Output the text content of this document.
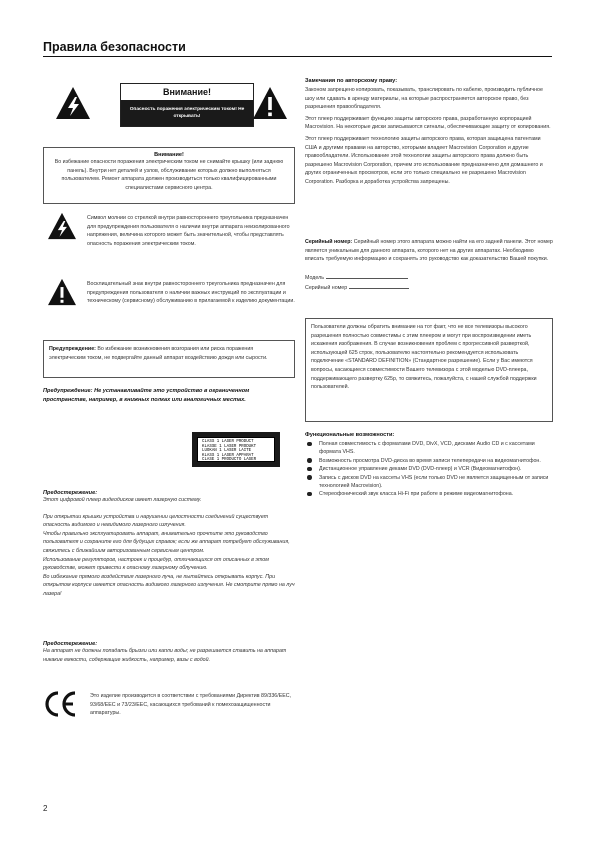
Правила безопасности
Внимание!
Опасность поражения электрическим током! Не открывать!

Внимание!

Во избежание опасности поражения электрическим током не снимайте крышку (или заднюю панель). Внутри нет деталей и узлов, обслуживание которых должно выполняться пользователем. Ремонт аппарата должен производиться только квалифицированными специалистами сервисного центра.

Символ молнии со стрелкой внутри равностороннего треугольника предназначен для предупреждения пользователя о наличии внутри аппарата неизолированного напряжения, величина которого может быть значительной, чтобы представлять опасность поражения электрическим током.

Восклицательный знак внутри равностороннего треугольника предназначен для предупреждения пользователя о наличии важных инструкций по эксплуатации и техническому (сервисному) обслуживанию в прилагаемой к изделию документации.

Предупреждение: Во избежание возникновения возгорания или риска поражения электрическим током, не подвергайте данный аппарат воздействию дождя или сырости.

Предупреждение: Не устанавливайте это устройство в ограниченном пространстве, например, в книжных полках или аналогичных местах.

CLASS 1 LASER PRODUCT
KLASSE 1 LASER PRODUKT
LUOKAN 1 LASER LAITE
KLASS 1 LASER APPARAT
CLASE 1 PRODUCTO LASER

Предостережение:

Этот цифровой плеер видеодисков имеет лазерную систему.

При открытии крышки устройства и нарушении целостности соединений существует опасность видимого и невидимого лазерного излучения.

Чтобы правильно эксплуатировать аппарат, внимательно прочтите это руководство пользователя и сохраните его для будущих справок; если же аппарат потребует обслуживания, свяжитесь с ближайшим авторизованным сервисным центром.

Использование регуляторов, настроек и процедур, отличающихся от описанных в этом руководстве, может привести к опасному лазерному облучению.

Во избежание прямого воздействия лазерного луча, не пытайтесь открывать корпус. При открытом корпусе имеется опасность видимого лазерного излучения. Не смотрите прямо на луч лазера!

Предостережение:

На аппарат не должны попадать брызги или капли воды; не разрешается ставить на аппарат никакие емкости, содержащие жидкость, например, вазы с водой.

Это изделие производится в соответствии с требованиями Директив 89/336/EEC, 93/68/EEC и 73/23/EEC, касающихся требований к помехозащищенности аппаратуры.

Замечания по авторскому праву:

Законом запрещено копировать, показывать, транслировать по кабелю, производить публичное шоу или сдавать в аренду материалы, на которые распространяется авторское право, без разрешения правообладателя.

Этот плеер поддерживает функцию защиты авторского права, разработанную корпорацией Macrovision. На некоторые диски записываются сигналы, обеспечивающие защиту от копирования.

Этот плеер поддерживает технологию защиты авторского права, которая защищена патентами США и другими правами на авторство, которыми владеет Macrovision Corporation и другие правообладатели. Использование этой технологии защиты авторского права должно быть разрешено Macrovision Corporation, причем это использование предназначено для домашнего и других ограниченных просмотров, если это только специально не разрешено Macrovision Corporation. Разборка и доработка устройства запрещены.

Серийный номер: Серийный номер этого аппарата можно найти на его задней панели. Этот номер является уникальным для данного аппарата, которого нет на других аппаратах. Необходимо вписать требуемую информацию и сохранять это руководство как доказательство Вашей покупки.

Модель

Серийный номер

Пользователи должны обратить внимание на тот факт, что не все телевизоры высокого разрешения полностью совместимы с этим плеером и могут при воспроизведении иметь искажения изображения. В случае возникновения проблем с прогрессивной разверткой, использующей 625 строк, пользователю настоятельно рекомендуется использовать подключение «STANDARD DEFINITION» (Стандартное разрешение). Если у Вас имеются вопросы, касающиеся совместимости Вашего телевизора с этой моделью DVD-плеера, поддерживающего развертку 625р, то свяжитесь, пожалуйста, с нашей службой поддержки пользователей.

Функциональные возможности:

Полная совместимость с форматами DVD, DivX, VCD, дисками Audio CD и с кассетами формата VHS.
Возможность просмотра DVD-диска во время записи телепередачи на видеомагнитофон.
Дистанционное управление деками DVD (DVD-плеер) и VCR (Видеомагнитофон).
Запись с дисков DVD на кассеты VHS (если только DVD не является защищенным от записи технологией Macrovision).
Стереофонический звук класса Hi-Fi при работе в режиме видеомагнитофона.
2
